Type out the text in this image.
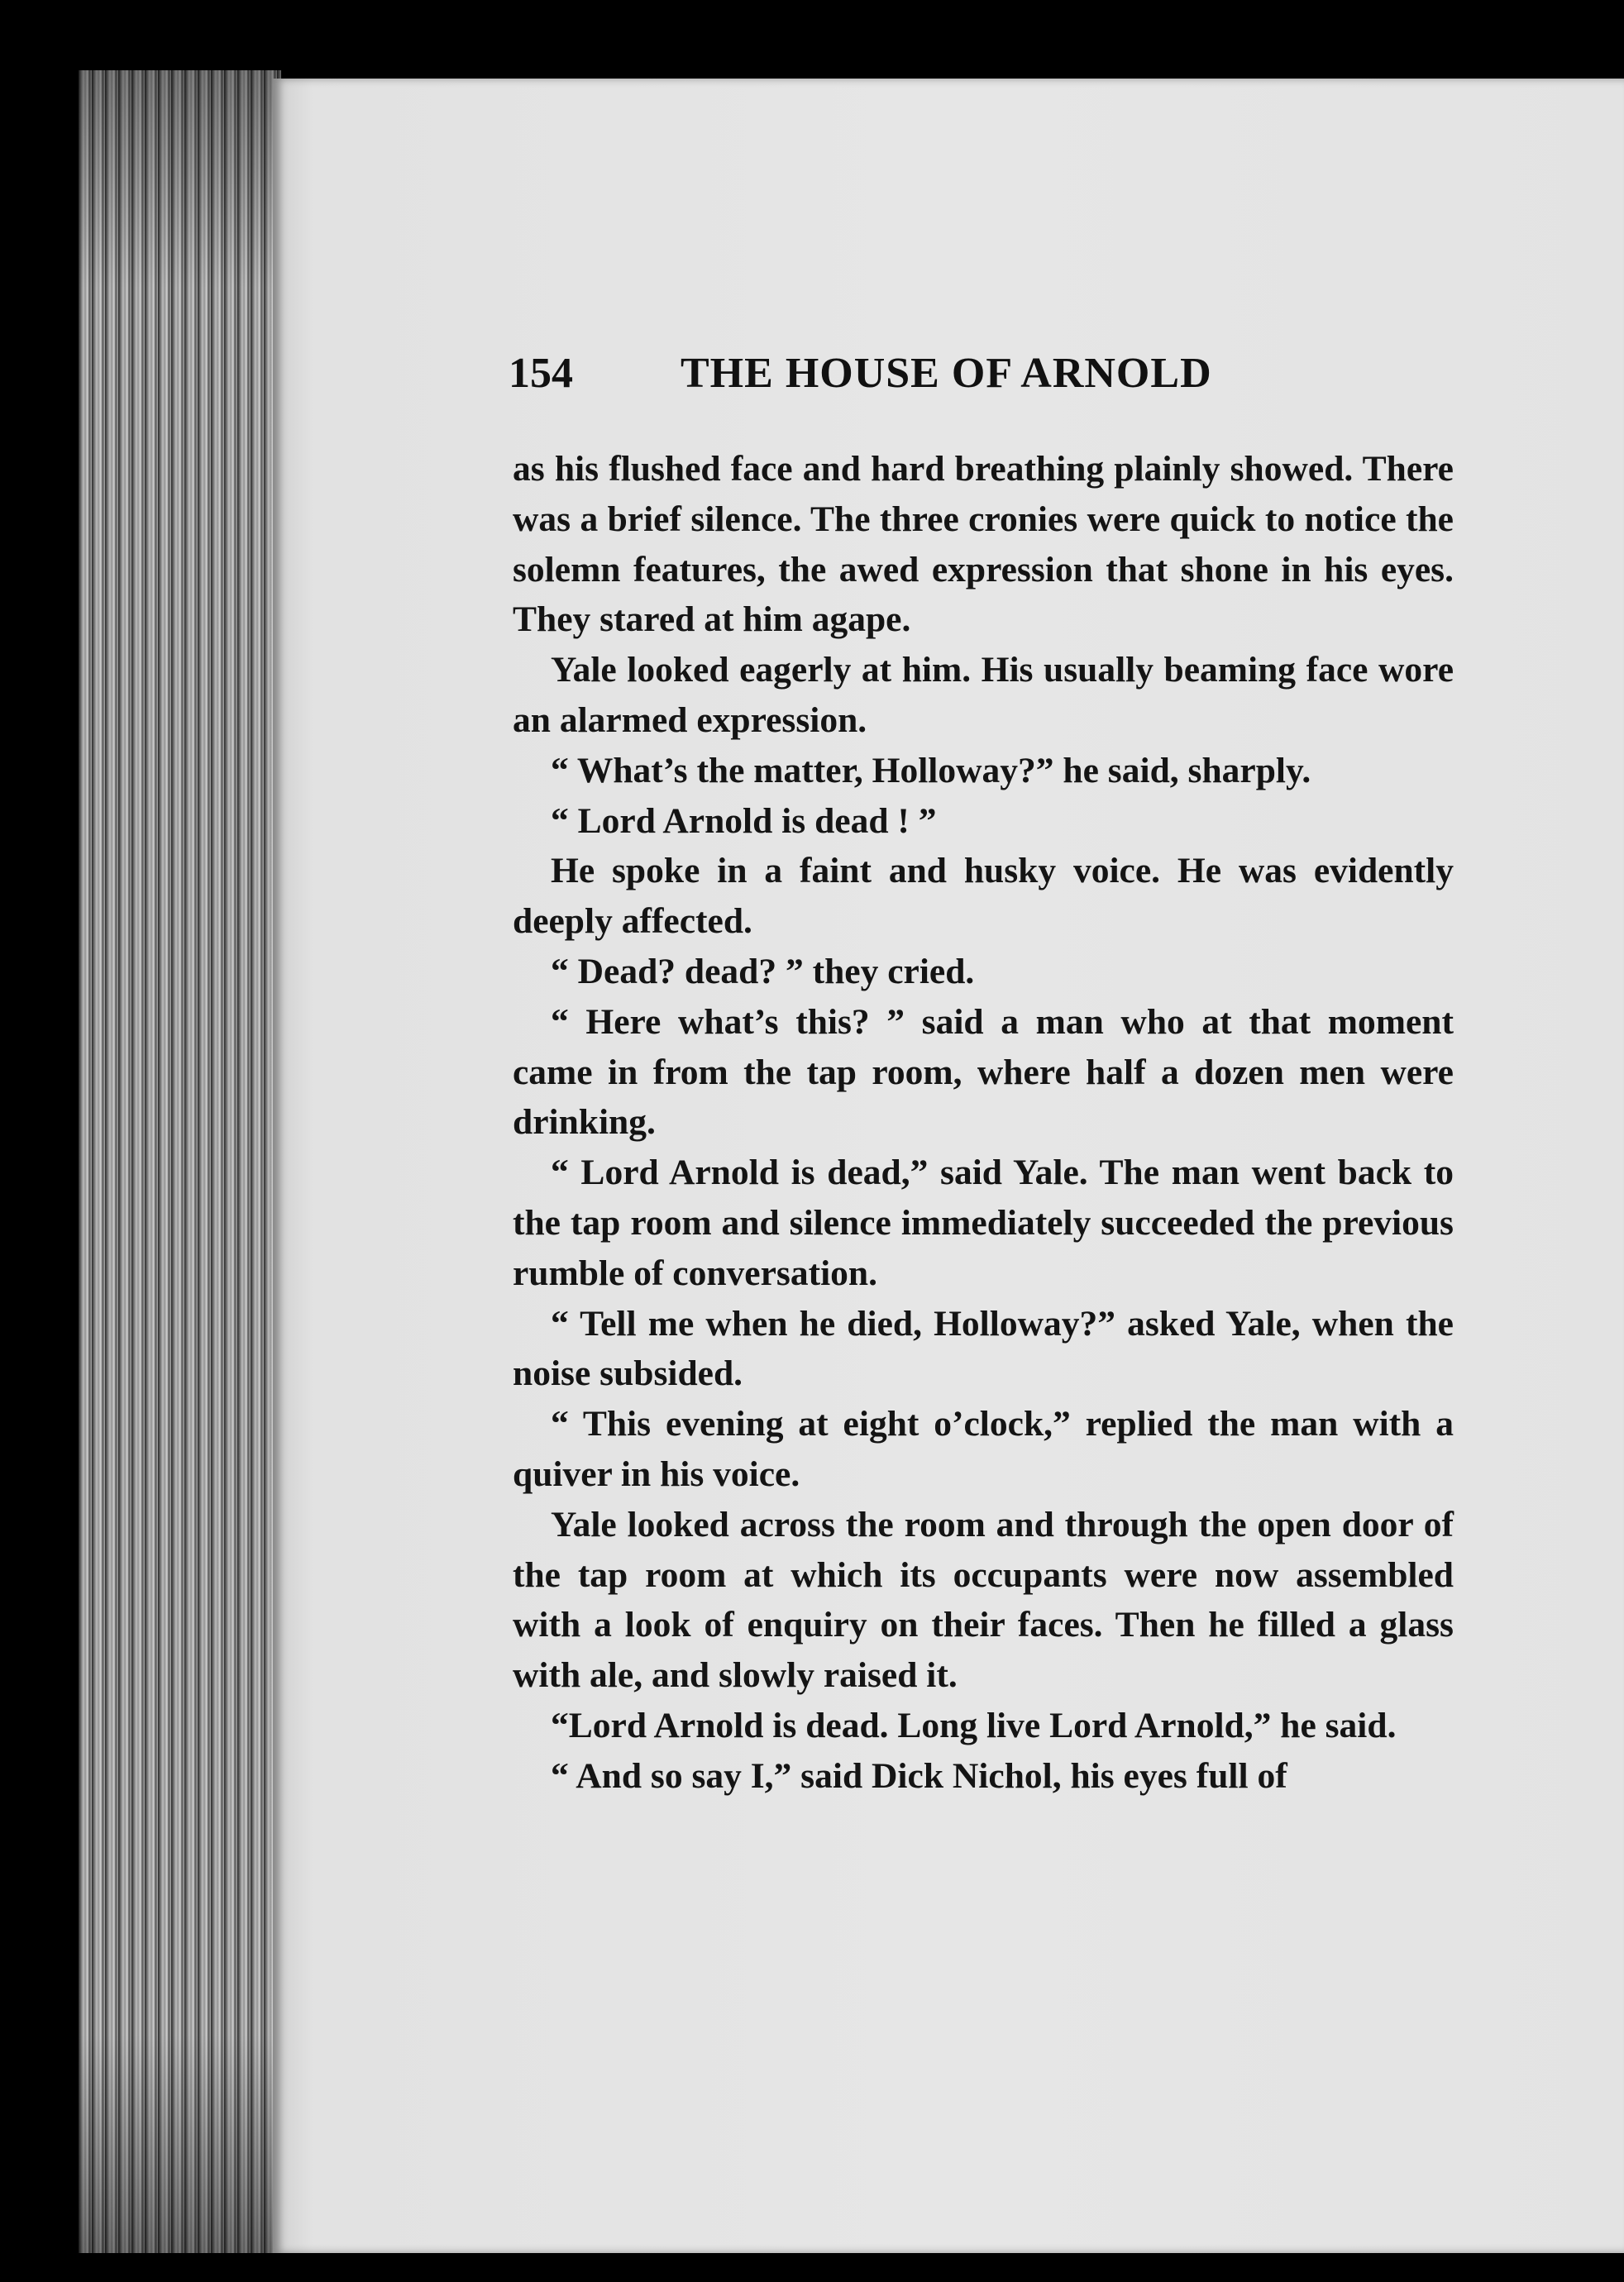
154	THE HOUSE OF ARNOLD

as his flushed face and hard breathing plainly showed. There was a brief silence. The three cronies were quick to notice the solemn features, the awed expression that shone in his eyes. They stared at him agape.

Yale looked eagerly at him. His usually beaming face wore an alarmed expression.

“ What’s the matter, Holloway?” he said, sharply.

“ Lord Arnold is dead ! ”

He spoke in a faint and husky voice. He was evidently deeply affected.

“ Dead? dead? ” they cried.

“ Here what’s this? ” said a man who at that moment came in from the tap room, where half a dozen men were drinking.

“ Lord Arnold is dead,” said Yale. The man went back to the tap room and silence immediately succeeded the previous rumble of conversation.

“ Tell me when he died, Holloway?” asked Yale, when the noise subsided.

“ This evening at eight o’clock,” replied the man with a quiver in his voice.

Yale looked across the room and through the open door of the tap room at which its occupants were now assembled with a look of enquiry on their faces. Then he filled a glass with ale, and slowly raised it.

“Lord Arnold is dead. Long live Lord Arnold,” he said.

“ And so say I,” said Dick Nichol, his eyes full of
